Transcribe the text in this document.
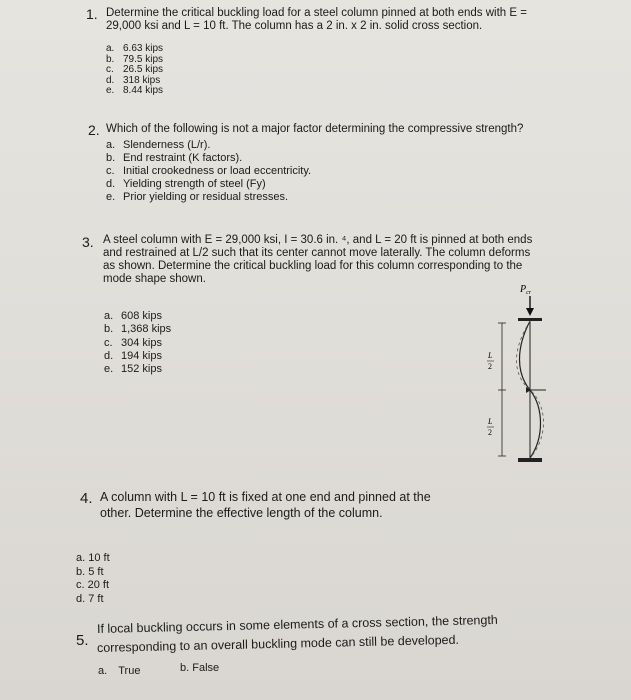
1. Determine the critical buckling load for a steel column pinned at both ends with E =
29,000 ksi and L = 10 ft. The column has a 2 in. x 2 in. solid cross section.
a. 6.63 kips
b. 79.5 kips
c. 26.5 kips
d. 318 kips
e. 8.44 kips
2. Which of the following is not a major factor determining the compressive strength?
a. Slenderness (L/r).
b. End restraint (K factors).
c. Initial crookedness or load eccentricity.
d. Yielding strength of steel (Fy)
e. Prior yielding or residual stresses.
3. A steel column with E = 29,000 ksi, I = 30.6 in. ⁴, and L = 20 ft is pinned at both ends
and restrained at L/2 such that its center cannot move laterally. The column deforms
as shown. Determine the critical buckling load for this column corresponding to the
mode shape shown.
a. 608 kips
b. 1,368 kips
c. 304 kips
d. 194 kips
e. 152 kips
$P_{cr}$
L
2
L
2
4. A column with L = 10 ft is fixed at one end and pinned at the
other. Determine the effective length of the column.
a. 10 ft
b. 5 ft
c. 20 ft
d. 7 ft
5.
If local buckling occurs in some elements of a cross section, the strength
corresponding to an overall buckling mode can still be developed.
a. True	b. False
